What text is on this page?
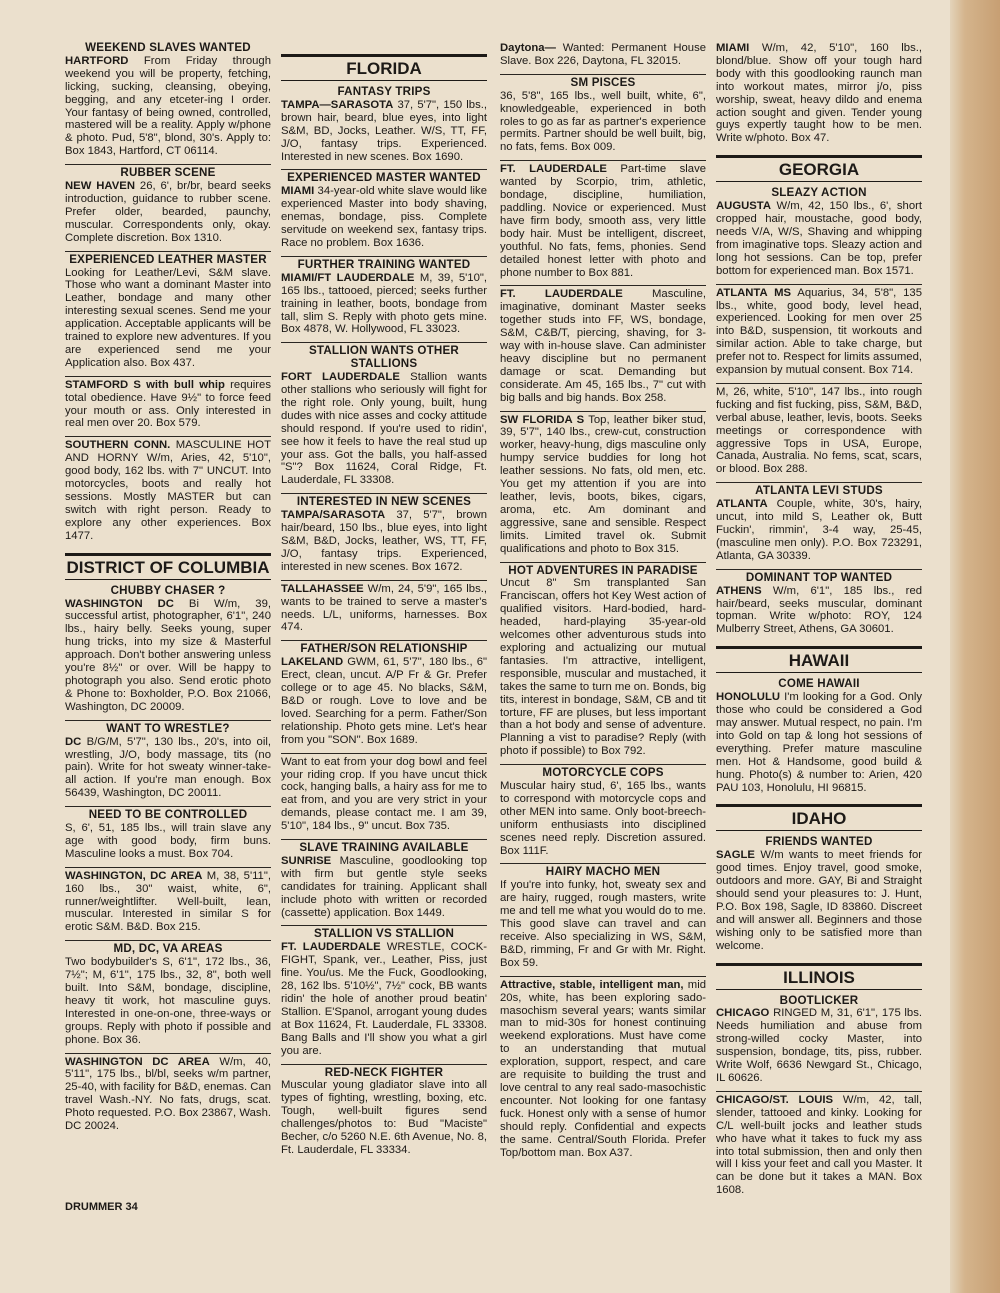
WEEKEND SLAVES WANTED

HARTFORD From Friday through weekend you will be property, fetching, licking, sucking, cleansing, obeying, begging, and any etceter-ing I order. Your fantasy of being owned, controlled, mastered will be a reality. Apply w/phone & photo. Pud, 5'8", blond, 30's. Apply to: Box 1843, Hartford, CT 06114.

RUBBER SCENE

NEW HAVEN 26, 6', br/br, beard seeks introduction, guidance to rubber scene. Prefer older, bearded, paunchy, muscular. Correspondents only, okay. Complete discretion. Box 1310.

EXPERIENCED LEATHER MASTER

Looking for Leather/Levi, S&M slave. Those who want a dominant Master into Leather, bondage and many other interesting sexual scenes. Send me your application. Acceptable applicants will be trained to explore new adventures. If you are experienced send me your Application also. Box 437.

STAMFORD S with bull whip requires total obedience. Have 9½" to force feed your mouth or ass. Only interested in real men over 20. Box 579.

SOUTHERN CONN. MASCULINE HOT AND HORNY W/m, Aries, 42, 5'10", good body, 162 lbs. with 7" UNCUT. Into motorcycles, boots and really hot sessions. Mostly MASTER but can switch with right person. Ready to explore any other experiences. Box 1477.

DISTRICT OF COLUMBIA
CHUBBY CHASER ?

WASHINGTON DC Bi W/m, 39, successful artist, photographer, 6'1", 240 lbs., hairy belly. Seeks young, super hung tricks, into my size & Masterful approach. Don't bother answering unless you're 8½" or over. Will be happy to photograph you also. Send erotic photo & Phone to: Boxholder, P.O. Box 21066, Washington, DC 20009.

WANT TO WRESTLE?

DC B/G/M, 5'7", 130 lbs., 20's, into oil, wrestling, J/O, body massage, tits (no pain). Write for hot sweaty winner-take-all action. If you're man enough. Box 56439, Washington, DC 20011.

NEED TO BE CONTROLLED

S, 6', 51, 185 lbs., will train slave any age with good body, firm buns. Masculine looks a must. Box 704.

WASHINGTON, DC AREA M, 38, 5'11", 160 lbs., 30" waist, white, 6", runner/weightlifter. Well-built, lean, muscular. Interested in similar S for erotic S&M. B&D. Box 215.

MD, DC, VA AREAS

Two bodybuilder's S, 6'1", 172 lbs., 36, 7½"; M, 6'1", 175 lbs., 32, 8", both well built. Into S&M, bondage, discipline, heavy tit work, hot masculine guys. Interested in one-on-one, three-ways or groups. Reply with photo if possible and phone. Box 36.

WASHINGTON DC AREA W/m, 40, 5'11", 175 lbs., bl/bl, seeks w/m partner, 25-40, with facility for B&D, enemas. Can travel Wash.-NY. No fats, drugs, scat. Photo requested. P.O. Box 23867, Wash. DC 20024.

FLORIDA
FANTASY TRIPS

TAMPA—SARASOTA 37, 5'7", 150 lbs., brown hair, beard, blue eyes, into light S&M, BD, Jocks, Leather. W/S, TT, FF, J/O, fantasy trips. Experienced. Interested in new scenes. Box 1690.

EXPERIENCED MASTER WANTED

MIAMI 34-year-old white slave would like experienced Master into body shaving, enemas, bondage, piss. Complete servitude on weekend sex, fantasy trips. Race no problem. Box 1636.

FURTHER TRAINING WANTED

MIAMI/FT LAUDERDALE M, 39, 5'10", 165 lbs., tattooed, pierced; seeks further training in leather, boots, bondage from tall, slim S. Reply with photo gets mine. Box 4878, W. Hollywood, FL 33023.

STALLION WANTS OTHER STALLIONS

FORT LAUDERDALE Stallion wants other stallions who seriously will fight for the right role. Only young, built, hung dudes with nice asses and cocky attitude should respond. If you're used to ridin', see how it feels to have the real stud up your ass. Got the balls, you half-assed "S"? Box 11624, Coral Ridge, Ft. Lauderdale, FL 33308.

INTERESTED IN NEW SCENES

TAMPA/SARASOTA 37, 5'7", brown hair/beard, 150 lbs., blue eyes, into light S&M, B&D, Jocks, leather, WS, TT, FF, J/O, fantasy trips. Experienced, interested in new scenes. Box 1672.

TALLAHASSEE W/m, 24, 5'9", 165 lbs., wants to be trained to serve a master's needs. L/L, uniforms, harnesses. Box 474.

FATHER/SON RELATIONSHIP

LAKELAND GWM, 61, 5'7", 180 lbs., 6" Erect, clean, uncut. A/P Fr & Gr. Prefer college or to age 45. No blacks, S&M, B&D or rough. Love to love and be loved. Searching for a perm. Father/Son relationship. Photo gets mine. Let's hear from you "SON". Box 1689.

Want to eat from your dog bowl and feel your riding crop. If you have uncut thick cock, hanging balls, a hairy ass for me to eat from, and you are very strict in your demands, please contact me. I am 39, 5'10", 184 lbs., 9" uncut. Box 735.

SLAVE TRAINING AVAILABLE

SUNRISE Masculine, goodlooking top with firm but gentle style seeks candidates for training. Applicant shall include photo with written or recorded (cassette) application. Box 1449.

STALLION VS STALLION

FT. LAUDERDALE WRESTLE, COCK-FIGHT, Spank, ver., Leather, Piss, just fine. You/us. Me the Fuck, Goodlooking, 28, 162 lbs. 5'10½", 7½" cock, BB wants ridin' the hole of another proud beatin' Stallion. E'Spanol, arrogant young dudes at Box 11624, Ft. Lauderdale, FL 33308. Bang Balls and I'll show you what a girl you are.

RED-NECK FIGHTER

Muscular young gladiator slave into all types of fighting, wrestling, boxing, etc. Tough, well-built figures send challenges/photos to: Bud "Maciste" Becher, c/o 5260 N.E. 6th Avenue, No. 8, Ft. Lauderdale, FL 33334.

Daytona— Wanted: Permanent House Slave. Box 226, Daytona, FL 32015.

SM PISCES

36, 5'8", 165 lbs., well built, white, 6", knowledgeable, experienced in both roles to go as far as partner's experience permits. Partner should be well built, big, no fats, fems. Box 009.

FT. LAUDERDALE Part-time slave wanted by Scorpio, trim, athletic, bondage, discipline, humiliation, paddling. Novice or experienced. Must have firm body, smooth ass, very little body hair. Must be intelligent, discreet, youthful. No fats, fems, phonies. Send detailed honest letter with photo and phone number to Box 881.

FT. LAUDERDALE	Masculine, imaginative, dominant Master seeks together studs into FF, WS, bondage, S&M, C&B/T, piercing, shaving, for 3-way with in-house slave. Can administer heavy discipline but no permanent damage or scat. Demanding but considerate. Am 45, 165 lbs., 7" cut with big balls and big hands. Box 258.

SW FLORIDA S Top, leather biker stud, 39, 5'7", 140 lbs., crew-cut, construction worker, heavy-hung, digs masculine only humpy service buddies for long hot leather sessions. No fats, old men, etc. You get my attention if you are into leather, levis, boots, bikes, cigars, aroma, etc. Am dominant and aggressive, sane and sensible. Respect limits. Limited travel ok. Submit qualifications and photo to Box 315.

HOT ADVENTURES IN PARADISE

Uncut 8" Sm transplanted San Franciscan, offers hot Key West action of qualified visitors. Hard-bodied, hard-headed, hard-playing 35-year-old welcomes other adventurous studs into exploring and actualizing our mutual fantasies. I'm attractive, intelligent, responsible, muscular and mustached, it takes the same to turn me on. Bonds, big tits, interest in bondage, S&M, CB and tit torture, FF are pluses, but less important than a hot body and sense of adventure. Planning a vist to paradise? Reply (with photo if possible) to Box 792.

MOTORCYCLE COPS

Muscular hairy stud, 6', 165 lbs., wants to correspond with motorcycle cops and other MEN into same. Only boot-breech-uniform enthusiasts into disciplined scenes need reply. Discretion assured. Box 111F.

HAIRY MACHO MEN

If you're into funky, hot, sweaty sex and are hairy, rugged, rough masters, write me and tell me what you would do to me. This good slave can travel and can receive. Also specializing in WS, S&M, B&D, rimming, Fr and Gr with Mr. Right. Box 59.

Attractive, stable, intelligent man, mid 20s, white, has been exploring sado-masochism several years; wants similar man to mid-30s for honest continuing weekend explorations. Must have come to an understanding that mutual exploration, support, respect, and care are requisite to building the trust and love central to any real sado-masochistic encounter. Not looking for one fantasy fuck. Honest only with a sense of humor should reply. Confidential and expects the same. Central/South Florida. Prefer Top/bottom man. Box A37.

MIAMI W/m, 42, 5'10", 160 lbs., blond/blue. Show off your tough hard body with this goodlooking raunch man into workout mates, mirror j/o, piss worship, sweat, heavy dildo and enema action sought and given. Tender young guys expertly taught how to be men. Write w/photo. Box 47.

GEORGIA
SLEAZY ACTION

AUGUSTA W/m, 42, 150 lbs., 6', short cropped hair, moustache, good body, needs V/A, W/S, Shaving and whipping from imaginative tops. Sleazy action and long hot sessions. Can be top, prefer bottom for experienced man. Box 1571.

ATLANTA MS Aquarius, 34, 5'8", 135 lbs., white, good body, level head, experienced. Looking for men over 25 into B&D, suspension, tit workouts and similar action. Able to take charge, but prefer not to. Respect for limits assumed, expansion by mutual consent. Box 714.

M, 26, white, 5'10", 147 lbs., into rough fucking and fist fucking, piss, S&M, B&D, verbal abuse, leather, levis, boots. Seeks meetings or correspondence with aggressive Tops in USA, Europe, Canada, Australia. No fems, scat, scars, or blood. Box 288.

ATLANTA LEVI STUDS

ATLANTA Couple, white, 30's, hairy, uncut, into mild S, Leather ok, Butt Fuckin', rimmin', 3-4 way, 25-45, (masculine men only). P.O. Box 723291, Atlanta, GA 30339.

DOMINANT TOP WANTED

ATHENS W/m, 6'1", 185 lbs., red hair/beard, seeks muscular, dominant topman. Write w/photo: ROY, 124 Mulberry Street, Athens, GA 30601.

HAWAII
COME HAWAII

HONOLULU I'm looking for a God. Only those who could be considered a God may answer. Mutual respect, no pain. I'm into Gold on tap & long hot sessions of everything. Prefer mature masculine men. Hot & Handsome, good build & hung. Photo(s) & number to: Arien, 420 PAU 103, Honolulu, HI 96815.

IDAHO
FRIENDS WANTED

SAGLE W/m wants to meet friends for good times. Enjoy travel, good smoke, outdoors and more. GAY, Bi and Straight should send your pleasures to: J. Hunt, P.O. Box 198, Sagle, ID 83860. Discreet and will answer all. Beginners and those wishing only to be satisfied more than welcome.

ILLINOIS
BOOTLICKER

CHICAGO RINGED M, 31, 6'1", 175 lbs. Needs humiliation and abuse from strong-willed cocky Master, into suspension, bondage, tits, piss, rubber. Write Wolf, 6636 Newgard St., Chicago, IL 60626.

CHICAGO/ST. LOUIS W/m, 42, tall, slender, tattooed and kinky. Looking for C/L well-built jocks and leather studs who have what it takes to fuck my ass into total submission, then and only then will I kiss your feet and call you Master. It can be done but it takes a MAN. Box 1608.

DRUMMER 34
